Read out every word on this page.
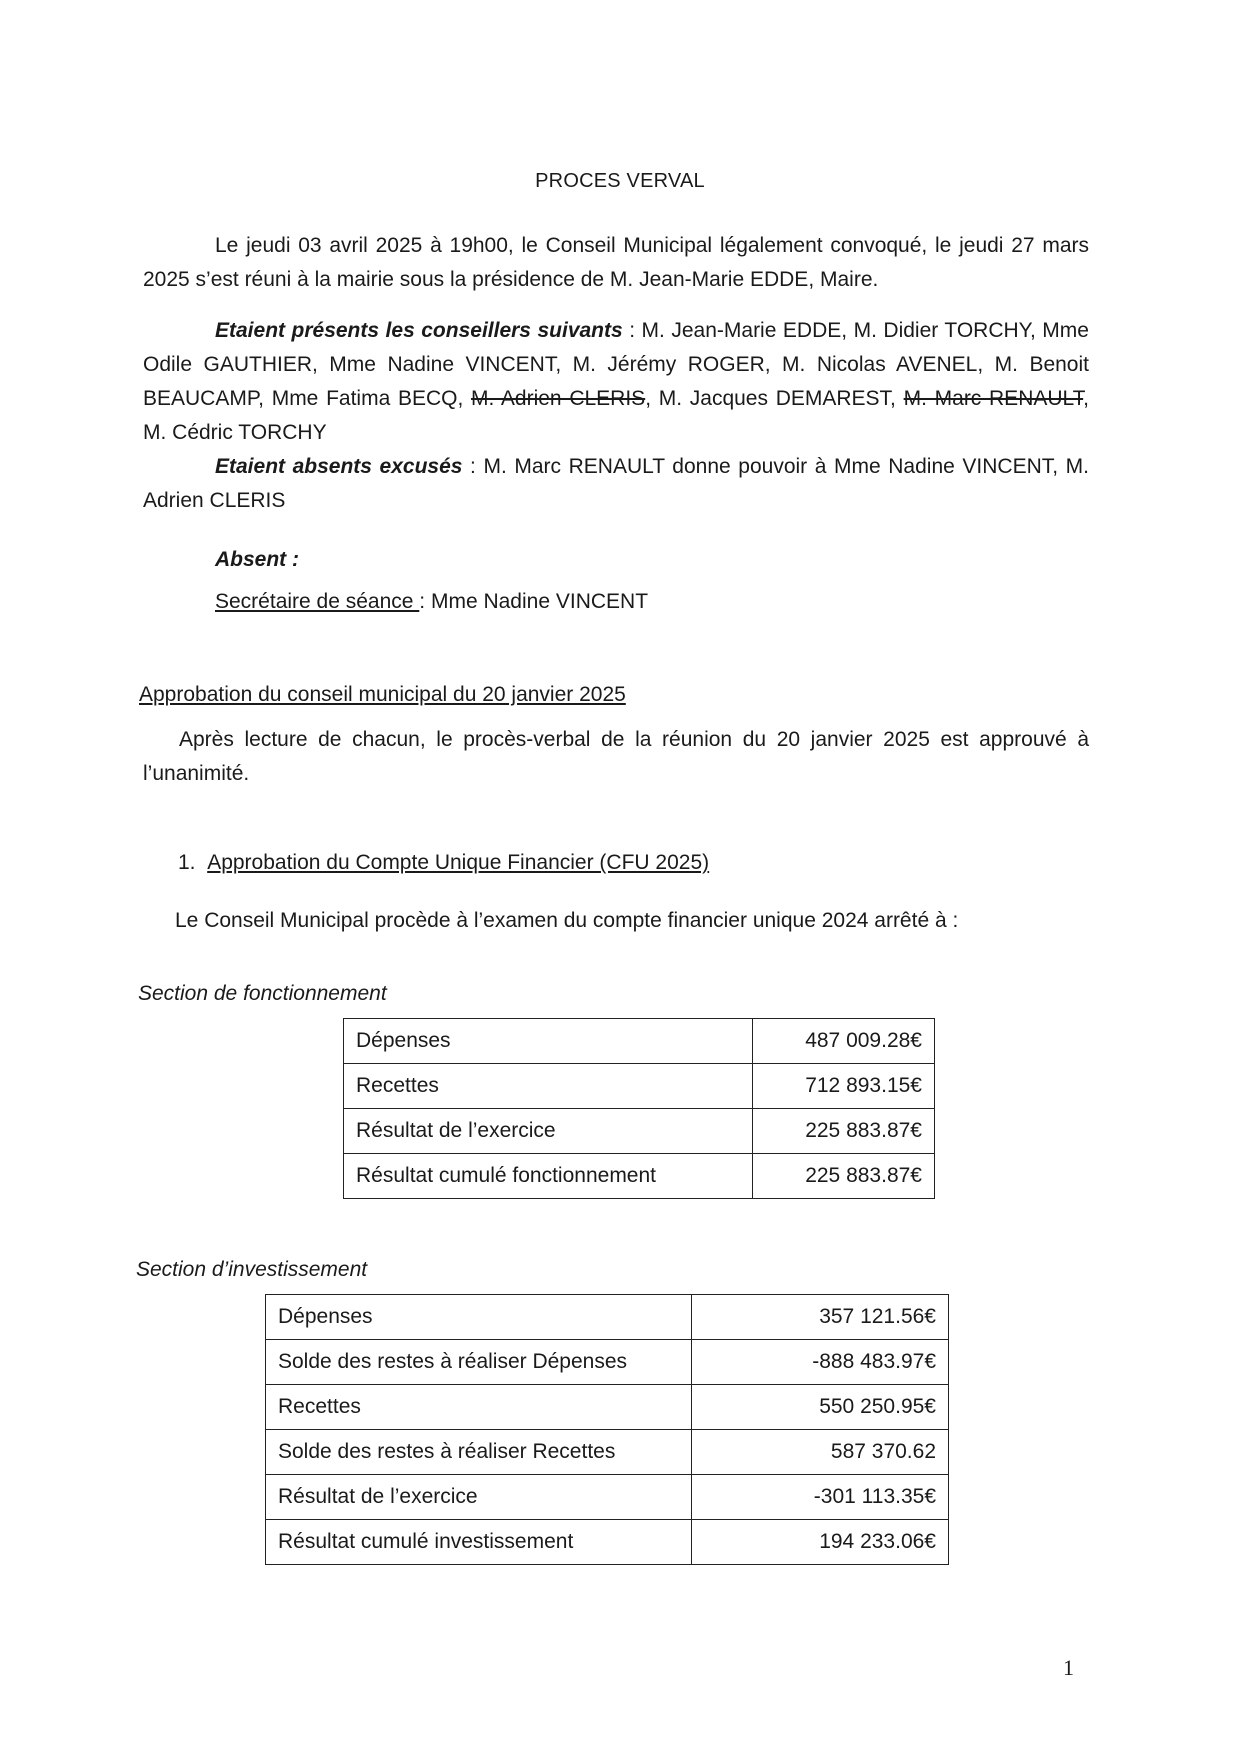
PROCES VERVAL
Le jeudi 03 avril 2025 à 19h00, le Conseil Municipal légalement convoqué, le jeudi 27 mars 2025 s’est réuni à la mairie sous la présidence de M. Jean-Marie EDDE, Maire.
Etaient présents les conseillers suivants : M. Jean-Marie EDDE, M. Didier TORCHY, Mme Odile GAUTHIER, Mme Nadine VINCENT, M. Jérémy ROGER, M. Nicolas AVENEL, M. Benoit BEAUCAMP, Mme Fatima BECQ, M. Adrien CLERIS, M. Jacques DEMAREST, M. Marc RENAULT, M. Cédric TORCHY
Etaient absents excusés : M. Marc RENAULT donne pouvoir à Mme Nadine VINCENT, M. Adrien CLERIS
Absent :
Secrétaire de séance : Mme Nadine VINCENT
Approbation du conseil municipal du 20 janvier 2025
Après lecture de chacun, le procès-verbal de la réunion du 20 janvier 2025 est approuvé à l’unanimité.
1. Approbation du Compte Unique Financier (CFU 2025)
Le Conseil Municipal procède à l’examen du compte financier unique 2024 arrêté à :
Section de fonctionnement
Dépenses	487 009.28€
Recettes	712 893.15€
Résultat de l’exercice	225 883.87€
Résultat cumulé fonctionnement	225 883.87€
Section d’investissement
Dépenses	357 121.56€
Solde des restes à réaliser Dépenses	-888 483.97€
Recettes	550 250.95€
Solde des restes à réaliser Recettes	587 370.62
Résultat de l’exercice	-301 113.35€
Résultat cumulé investissement	194 233.06€
1
